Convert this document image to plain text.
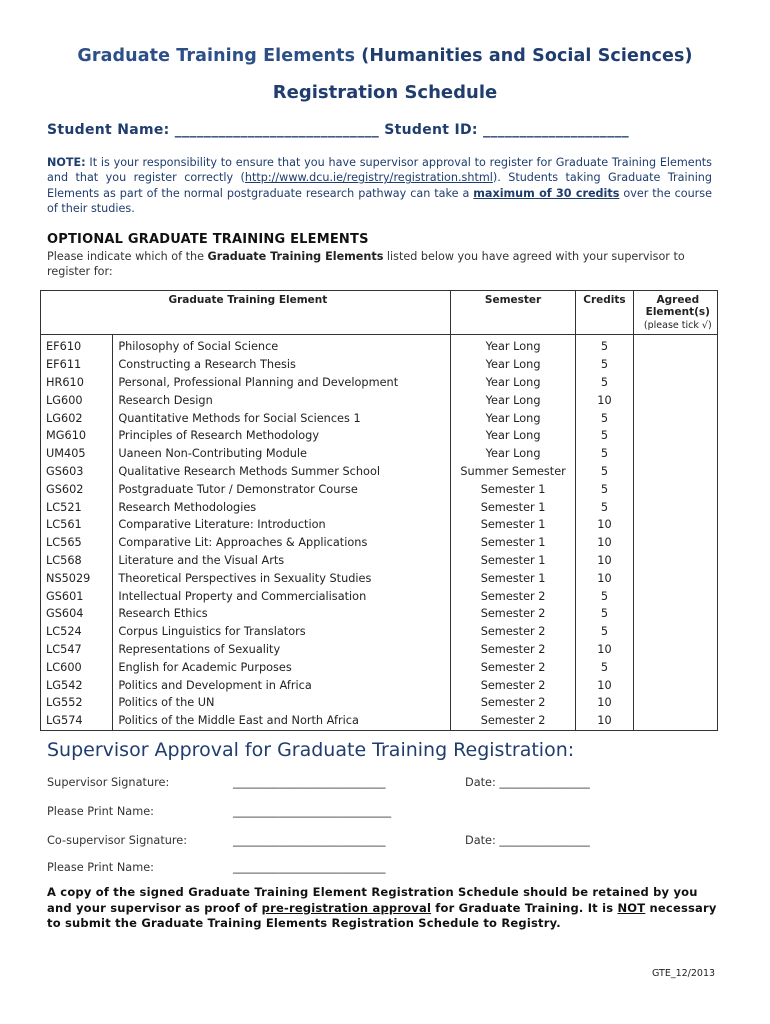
Graduate Training Elements (Humanities and Social Sciences)
Registration Schedule
Student Name: ____________________________ Student ID: ____________________
NOTE: It is your responsibility to ensure that you have supervisor approval to register for Graduate Training Elements and that you register correctly (http://www.dcu.ie/registry/registration.shtml). Students taking Graduate Training Elements as part of the normal postgraduate research pathway can take a maximum of 30 credits over the course of their studies.
OPTIONAL GRADUATE TRAINING ELEMENTS
Please indicate which of the Graduate Training Elements listed below you have agreed with your supervisor to register for:
Graduate Training Element		Semester	Credits	Agreed Element(s)
(please tick √)

EF610	Philosophy of Social Science	Year Long	5	
EF611	Constructing a Research Thesis	Year Long	5	
HR610	Personal, Professional Planning and Development	Year Long	5	
LG600	Research Design	Year Long	10	
LG602	Quantitative Methods for Social Sciences 1	Year Long	5	
MG610	Principles of Research Methodology	Year Long	5	
UM405	Uaneen Non-Contributing Module	Year Long	5	
GS603	Qualitative Research Methods Summer School	Summer Semester	5	
GS602	Postgraduate Tutor / Demonstrator Course	Semester 1	5	
LC521	Research Methodologies	Semester 1	5	
LC561	Comparative Literature: Introduction	Semester 1	10	
LC565	Comparative Lit: Approaches & Applications	Semester 1	10	
LC568	Literature and the Visual Arts	Semester 1	10	
NS5029	Theoretical Perspectives in Sexuality Studies	Semester 1	10	
GS601	Intellectual Property and Commercialisation	Semester 2	5	
GS604	Research Ethics	Semester 2	5	
LC524	Corpus Linguistics for Translators	Semester 2	5	
LC547	Representations of Sexuality	Semester 2	10	
LC600	English for Academic Purposes	Semester 2	5	
LG542	Politics and Development in Africa	Semester 2	10	
LG552	Politics of the UN	Semester 2	10	
LG574	Politics of the Middle East and North Africa	Semester 2	10	
Supervisor Approval for Graduate Training Registration:
Supervisor Signature:	___________________________	Date: ________________
Please Print Name:	____________________________
Co-supervisor Signature:	___________________________	Date: ________________
Please Print Name:	___________________________
A copy of the signed Graduate Training Element Registration Schedule should be retained by you and your supervisor as proof of pre-registration approval for Graduate Training. It is NOT necessary to submit the Graduate Training Elements Registration Schedule to Registry.
GTE_12/2013
